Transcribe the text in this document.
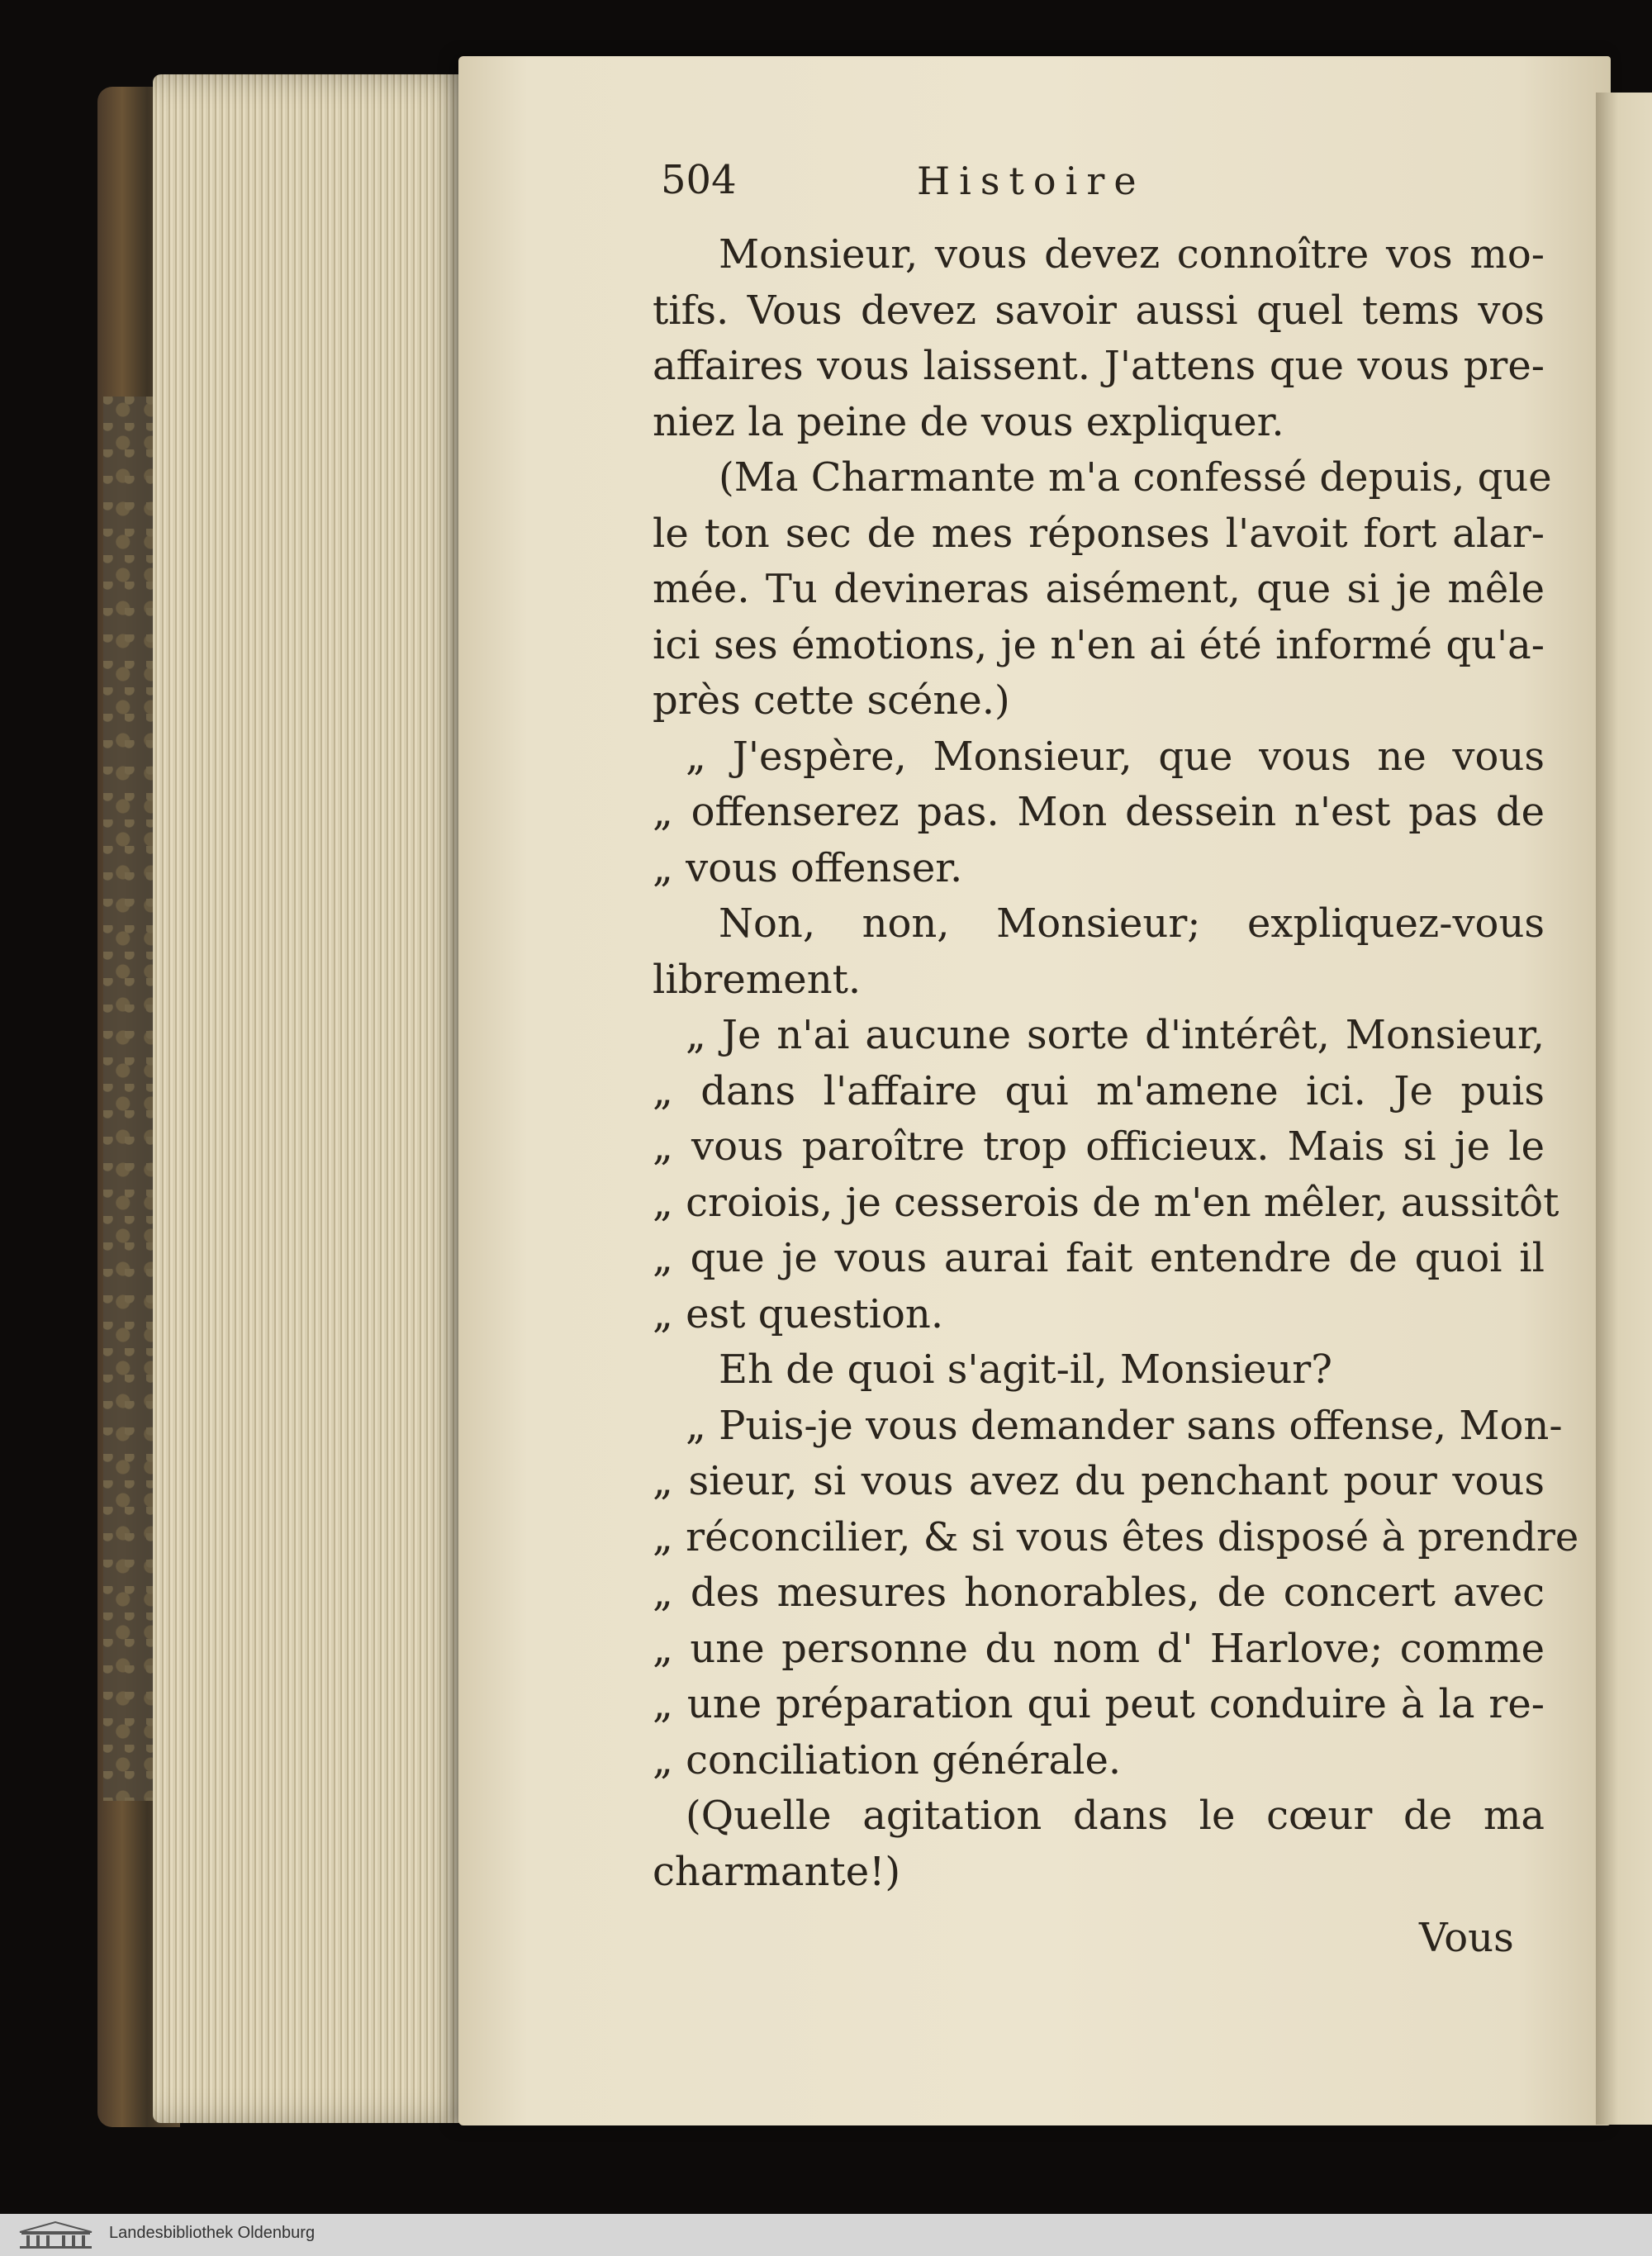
504	Histoire
Monsieur, vous devez connoître vos mo-
tifs. Vous devez savoir aussi quel tems vos
affaires vous laissent. J'attens que vous pre-
niez la peine de vous expliquer.
(Ma Charmante m'a confessé depuis, que
le ton sec de mes réponses l'avoit fort alar-
mée. Tu devineras aisément, que si je mêle
ici ses émotions, je n'en ai été informé qu'a-
près cette scéne.)
„ J'espère, Monsieur, que vous ne vous
„ offenserez pas. Mon dessein n'est pas de
„ vous offenser.
Non, non, Monsieur; expliquez-vous
librement.
„ Je n'ai aucune sorte d'intérêt, Monsieur,
„ dans l'affaire qui m'amene ici. Je puis
„ vous paroître trop officieux. Mais si je le
„ croiois, je cesserois de m'en mêler, aussitôt
„ que je vous aurai fait entendre de quoi il
„ est question.
Eh de quoi s'agit-il, Monsieur?
„ Puis-je vous demander sans offense, Mon-
„ sieur, si vous avez du penchant pour vous
„ réconcilier, & si vous êtes disposé à prendre
„ des mesures honorables, de concert avec
„ une personne du nom d' Harlove; comme
„ une préparation qui peut conduire à la re-
„ conciliation générale.
(Quelle agitation dans le cœur de ma
charmante!)
Vous
Landesbibliothek Oldenburg
